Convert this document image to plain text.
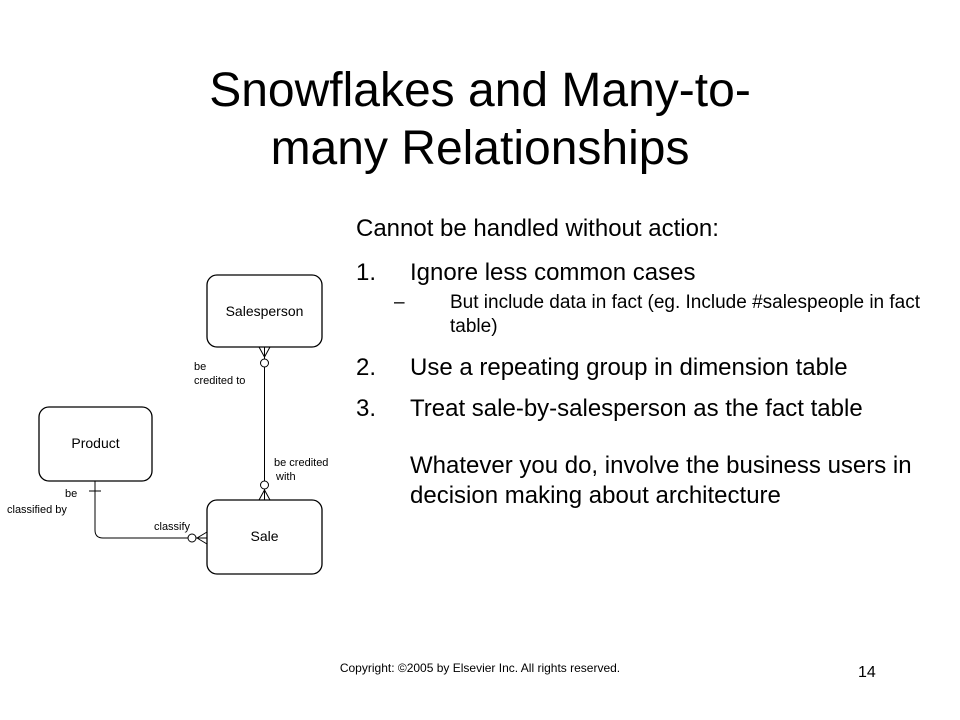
Snowflakes and Many-to-
many Relationships
Salesperson
Product
Sale
be
credited to
be credited
with
be
classified by
classify

Cannot be handled without action:

1.	Ignore less common cases
–	But include data in fact (eg. Include #salespeople in fact table)
2.	Use a repeating group in dimension table
3.	Treat sale-by-salesperson as the fact table

Whatever you do, involve the business users in decision making about architecture

Copyright: ©2005 by Elsevier Inc. All rights reserved.	14
